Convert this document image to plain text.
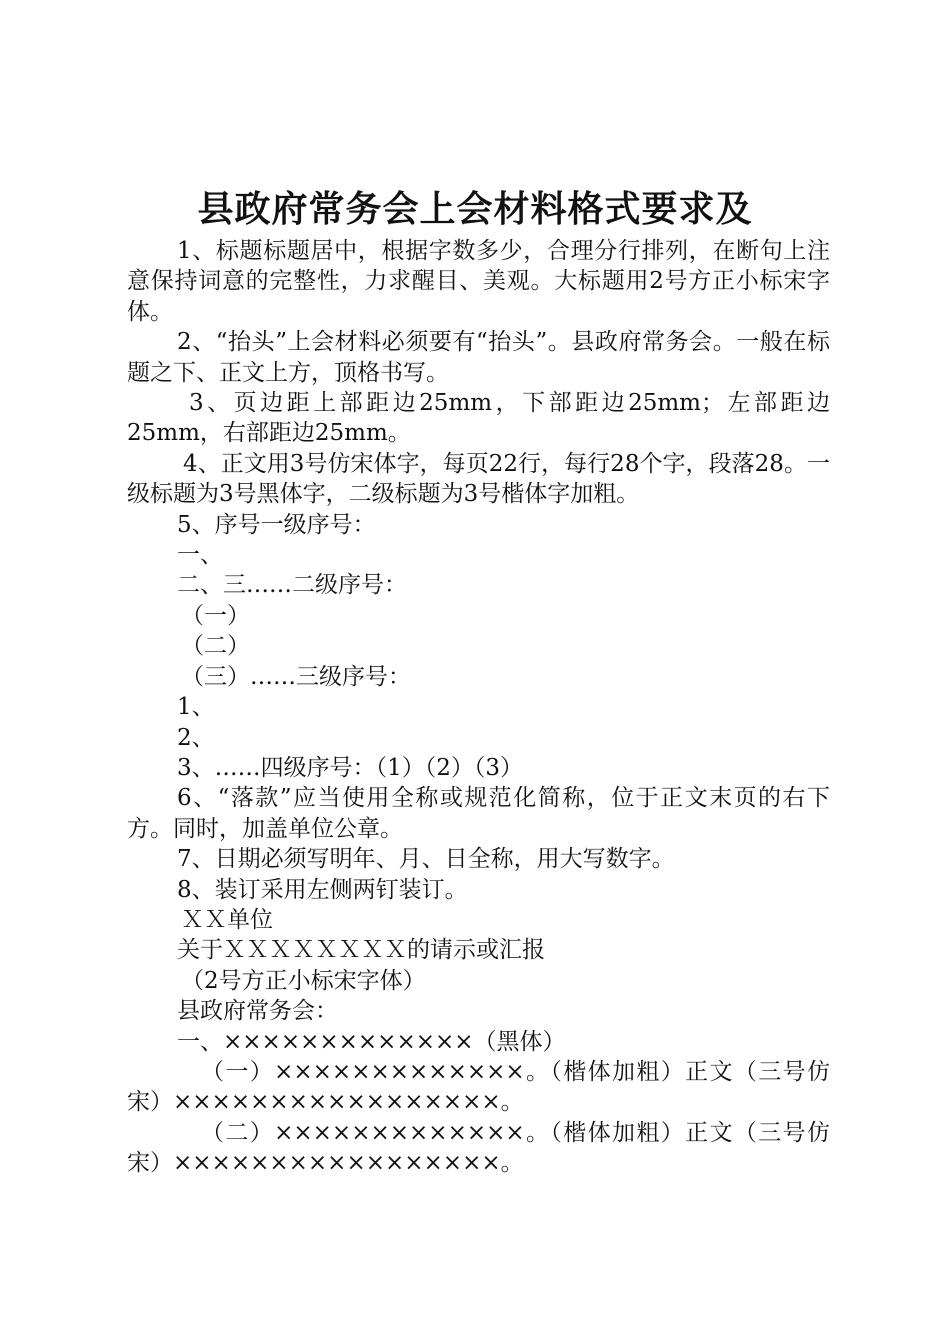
县政府常务会上会材料格式要求及

1、标题标题居中，根据字数多少，合理分行排列，在断句上注意保持词意的完整性，力求醒目、美观。大标题用2号方正小标宋字体。

2、“抬头”上会材料必须要有“抬头”。县政府常务会。一般在标题之下、正文上方，顶格书写。

3、页边距上部距边25mm，下部距边25mm；左部距边25mm，右部距边25mm。

4、正文用3号仿宋体字，每页22行，每行28个字，段落28。一级标题为3号黑体字，二级标题为3号楷体字加粗。

5、序号一级序号：

一、

二、三……二级序号：

（一）

（二）

（三）……三级序号：

1、

2、

3、……四级序号：（1）（2）（3）

6、“落款”应当使用全称或规范化简称，位于正文末页的右下方。同时，加盖单位公章。

7、日期必须写明年、月、日全称，用大写数字。

8、装订采用左侧两钉装订。

ＸＸ单位

关于ＸＸＸＸＸＸＸＸ的请示或汇报

（2号方正小标宋字体）

县政府常务会：

一、×××××××××××××（黑体）

（一）×××××××××××××。（楷体加粗）正文（三号仿宋）×××××××××××××××××。

（二）×××××××××××××。（楷体加粗）正文（三号仿宋）×××××××××××××××××。
